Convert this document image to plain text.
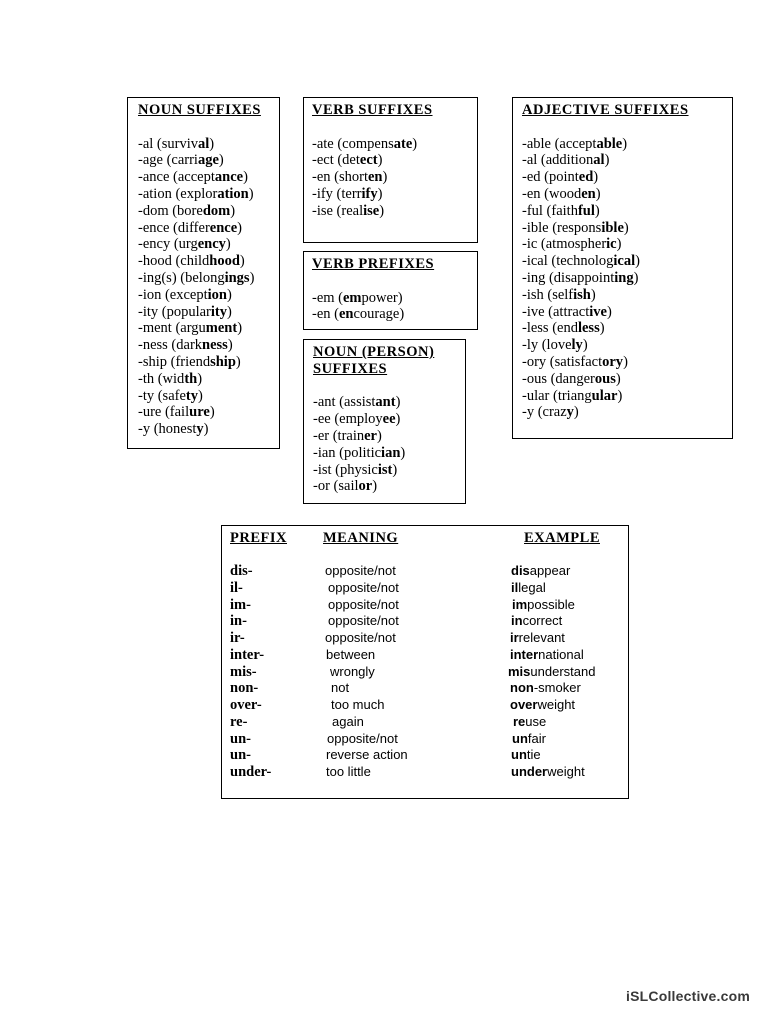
NOUN SUFFIXES
-al (survival)
-age (carriage)
-ance (acceptance)
-ation (exploration)
-dom (boredom)
-ence (difference)
-ency (urgency)
-hood (childhood)
-ing(s) (belongings)
-ion (exception)
-ity (popularity)
-ment (argument)
-ness (darkness)
-ship (friendship)
-th (width)
-ty (safety)
-ure (failure)
-y (honesty)
VERB SUFFIXES
-ate (compensate)
-ect (detect)
-en (shorten)
-ify (terrify)
-ise (realise)
VERB PREFIXES
-em (empower)
-en (encourage)
NOUN (PERSON) SUFFIXES
-ant (assistant)
-ee (employee)
-er (trainer)
-ian (politician)
-ist (physicist)
-or (sailor)
ADJECTIVE SUFFIXES
-able (acceptable)
-al (additional)
-ed (pointed)
-en (wooden)
-ful (faithful)
-ible (responsible)
-ic (atmospheric)
-ical (technological)
-ing (disappointing)
-ish (selfish)
-ive (attractive)
-less (endless)
-ly (lovely)
-ory (satisfactory)
-ous (dangerous)
-ular (triangular)
-y (crazy)
PREFIX MEANING	EXAMPLE
dis-	opposite/not	disappear
il-	opposite/not	illegal
im-	opposite/not	impossible
in-	opposite/not	incorrect
ir-	opposite/not	irrelevant
inter-	between	international
mis-	wrongly	misunderstand
non-	not	non-smoker
over-	too much	overweight
re-	again	reuse
un-	opposite/not	unfair
un-	reverse action	untie
under-	too little	underweight
iSLCollective.com
